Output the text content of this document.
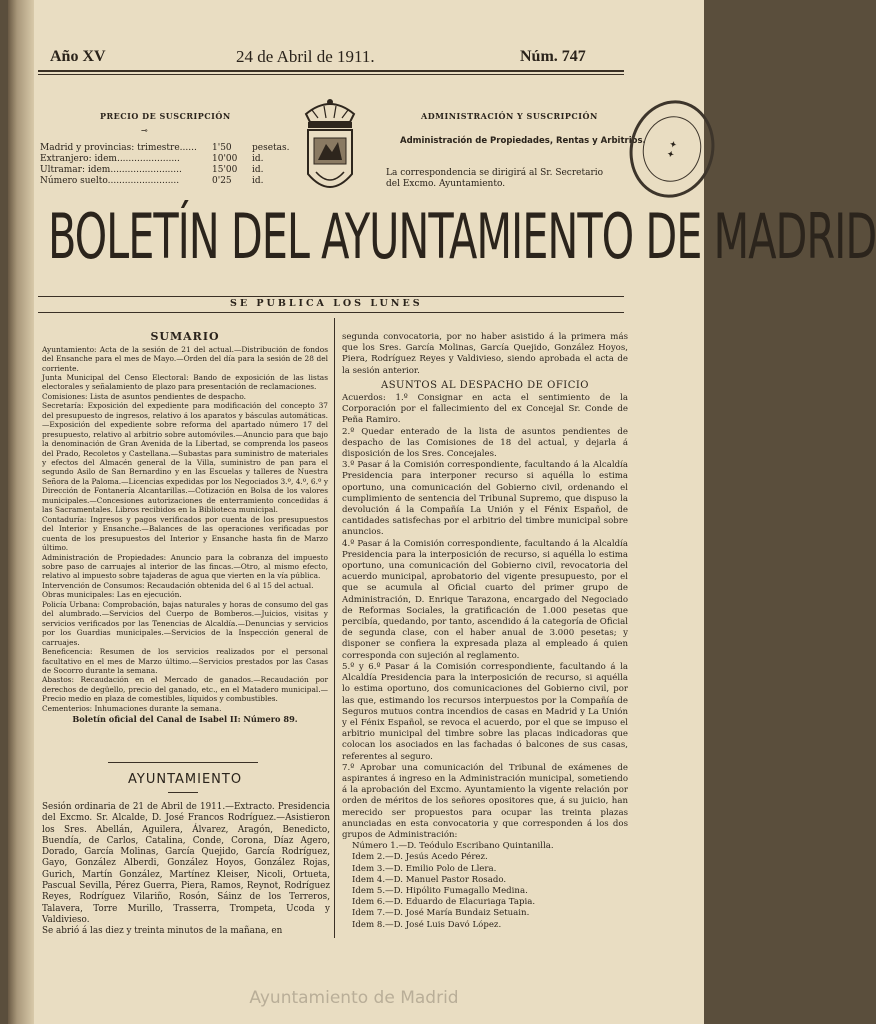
Año XV	24 de Abril de 1911.	Núm. 747
PRECIO DE SUSCRIPCIÓN
⊸
Madrid y provincias: trimestre...... 1'50 pesetas.
Extranjero: idem......................	10'00 id.
Ultramar: idem.........................	15'00 id.
Número suelto.........................	0'25 id.
ADMINISTRACIÓN Y SUSCRIPCIÓN
Administración de Propiedades, Rentas y Arbitrios.
La correspondencia se dirigirá al Sr. Secretario
del Excmo. Ayuntamiento.
✦
✦
BOLETÍN DEL AYUNTAMIENTO DE MADRID
SE PUBLICA LOS LUNES
SUMARIO
Ayuntamiento: Acta de la sesión de 21 del actual.—Distribución de fondos del Ensanche para el mes de Mayo.—Orden del día para la sesión de 28 del corriente.
Junta Municipal del Censo Electoral: Bando de exposición de las listas electorales y señalamiento de plazo para presentación de reclamaciones.
Comisiones: Lista de asuntos pendientes de despacho.
Secretaría: Exposición del expediente para modificación del concepto 37 del presupuesto de ingresos, relativo á los aparatos y básculas automáticas.—Exposición del expediente sobre reforma del apartado número 17 del presupuesto, relativo al arbitrio sobre automóviles.—Anuncio para que bajo la denominación de Gran Avenida de la Libertad, se comprenda los paseos del Prado, Recoletos y Castellana.—Subastas para suministro de materiales y efectos del Almacén general de la Villa, suministro de pan para el segundo Asilo de San Bernardino y en las Escuelas y talleres de Nuestra Señora de la Paloma.—Licencias expedidas por los Negociados 3.º, 4.º, 6.º y Dirección de Fontanería Alcantarillas.—Cotización en Bolsa de los valores municipales.—Concesiones autorizaciones de enterramiento concedidas á las Sacramentales. Libros recibidos en la Biblioteca municipal.
Contaduría: Ingresos y pagos verificados por cuenta de los presupuestos del Interior y Ensanche.—Balances de las operaciones verificadas por cuenta de los presupuestos del Interior y Ensanche hasta fin de Marzo último.
Administración de Propiedades: Anuncio para la cobranza del impuesto sobre paso de carruajes al interior de las fincas.—Otro, al mismo efecto, relativo al impuesto sobre tajaderas de agua que vierten en la vía pública.
Intervención de Consumos: Recaudación obtenida del 6 al 15 del actual.
Obras municipales: Las en ejecución.
Policía Urbana: Comprobación, bajas naturales y horas de consumo del gas del alumbrado.—Servicios del Cuerpo de Bomberos.—Juicios, visitas y servicios verificados por las Tenencias de Alcaldía.—Denuncias y servicios por los Guardias municipales.—Servicios de la Inspección general de carruajes.
Beneficencia: Resumen de los servicios realizados por el personal facultativo en el mes de Marzo último.—Servicios prestados por las Casas de Socorro durante la semana.
Abastos: Recaudación en el Mercado de ganados.—Recaudación por derechos de degüello, precio del ganado, etc., en el Matadero municipal.—Precio medio en plaza de comestibles, líquidos y combustibles.
Cementerios: Inhumaciones durante la semana.
Boletín oficial del Canal de Isabel II: Número 89.
AYUNTAMIENTO
Sesión ordinaria de 21 de Abril de 1911.—Extracto. Presidencia del Excmo. Sr. Alcalde, D. José Francos Rodríguez.—Asistieron los Sres. Abellán, Aguilera, Álvarez, Aragón, Benedicto, Buendía, de Carlos, Catalina, Conde, Corona, Díaz Agero, Dorado, García Molinas, García Quejido, García Rodríguez, Gayo, González Alberdi, González Hoyos, González Rojas, Gurich, Martín González, Martínez Kleiser, Nicoli, Ortueta, Pascual Sevilla, Pérez Guerra, Piera, Ramos, Reynot, Rodríguez Reyes, Rodríguez Vilariño, Rosón, Sáinz de los Terreros, Talavera, Torre Murillo, Trasserra, Trompeta, Ucoda y Valdivieso.
Se abrió á las diez y treinta minutos de la mañana, en
segunda convocatoria, por no haber asistido á la primera más que los Sres. García Molinas, García Quejido, González Hoyos, Piera, Rodríguez Reyes y Valdivieso, siendo aprobada el acta de la sesión anterior.
ASUNTOS AL DESPACHO DE OFICIO
Acuerdos: 1.º Consignar en acta el sentimiento de la Corporación por el fallecimiento del ex Concejal Sr. Conde de Peña Ramiro.
2.º Quedar enterado de la lista de asuntos pendientes de despacho de las Comisiones de 18 del actual, y dejarla á disposición de los Sres. Concejales.
3.º Pasar á la Comisión correspondiente, facultando á la Alcaldía Presidencia para interponer recurso si aquélla lo estima oportuno, una comunicación del Gobierno civil, ordenando el cumplimiento de sentencia del Tribunal Supremo, que dispuso la devolución á la Compañía La Unión y el Fénix Español, de cantidades satisfechas por el arbitrio del timbre municipal sobre anuncios.
4.º Pasar á la Comisión correspondiente, facultando á la Alcaldía Presidencia para la interposición de recurso, si aquélla lo estima oportuno, una comunicación del Gobierno civil, revocatoria del acuerdo municipal, aprobatorio del vigente presupuesto, por el que se acumula al Oficial cuarto del primer grupo de Administración, D. Enrique Tarazona, encargado del Negociado de Reformas Sociales, la gratificación de 1.000 pesetas que percibía, quedando, por tanto, ascendido á la categoría de Oficial de segunda clase, con el haber anual de 3.000 pesetas; y disponer se confiera la expresada plaza al empleado á quien corresponda con sujeción al reglamento.
5.º y 6.º Pasar á la Comisión correspondiente, facultando á la Alcaldía Presidencia para la interposición de recurso, si aquélla lo estima oportuno, dos comunicaciones del Gobierno civil, por las que, estimando los recursos interpuestos por la Compañía de Seguros mutuos contra incendios de casas en Madrid y La Unión y el Fénix Español, se revoca el acuerdo, por el que se impuso el arbitrio municipal del timbre sobre las placas indicadoras que colocan los asociados en las fachadas ó balcones de sus casas, referentes al seguro.
7.º Aprobar una comunicación del Tribunal de exámenes de aspirantes á ingreso en la Administración municipal, sometiendo á la aprobación del Excmo. Ayuntamiento la vigente relación por orden de méritos de los señores opositores que, á su juicio, han merecido ser propuestos para ocupar las treinta plazas anunciadas en esta convocatoria y que corresponden á los dos grupos de Administración:
Número 1.—D. Teódulo Escribano Quintanilla.
Idem 2.—D. Jesús Acedo Pérez.
Idem 3.—D. Emilio Polo de Llera.
Idem 4.—D. Manuel Pastor Rosado.
Idem 5.—D. Hipólito Fumagallo Medina.
Idem 6.—D. Eduardo de Elacuriaga Tapia.
Idem 7.—D. José María Bundaiz Setuain.
Idem 8.—D. José Luis Davó López.
Ayuntamiento de Madrid
